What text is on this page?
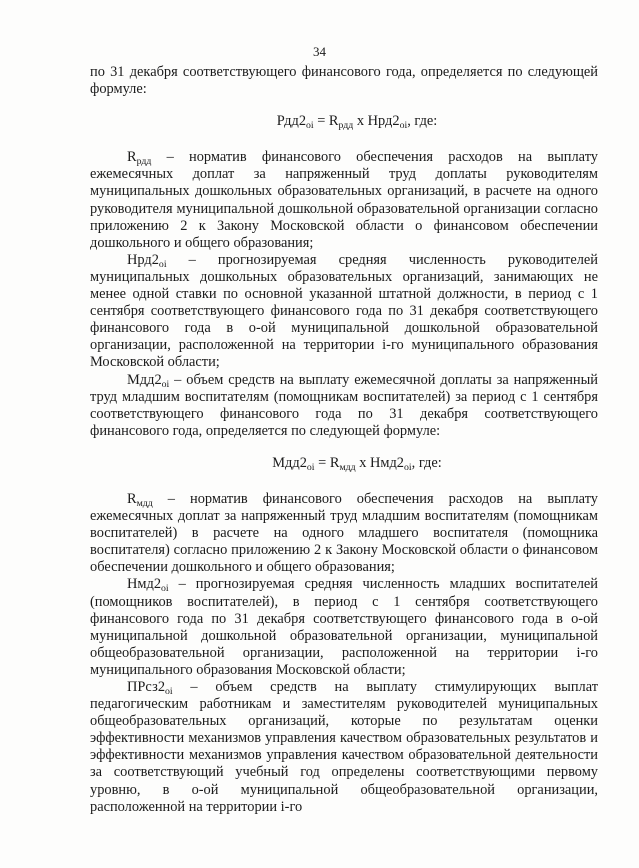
34

по 31 декабря соответствующего финансового года, определяется по следующей формуле:

$Рдд2_{oi} = R_{рдд}$ х $Нрд2_{oi}$, где:

$R_{рдд}$ – норматив финансового обеспечения расходов на выплату ежемесячных доплат за напряженный труд доплаты руководителям муниципальных дошкольных образовательных организаций, в расчете на одного руководителя муниципальной дошкольной образовательной организации согласно приложению 2 к Закону Московской области о финансовом обеспечении дошкольного и общего образования;

$Нрд2_{oi}$ – прогнозируемая средняя численность руководителей муниципальных дошкольных образовательных организаций, занимающих не менее одной ставки по основной указанной штатной должности, в период с 1 сентября соответствующего финансового года по 31 декабря соответствующего финансового года в о-ой муниципальной дошкольной образовательной организации, расположенной на территории i-го муниципального образования Московской области;

$Мдд2_{oi}$ – объем средств на выплату ежемесячной доплаты за напряженный труд младшим воспитателям (помощникам воспитателей) за период с 1 сентября соответствующего финансового года по 31 декабря соответствующего финансового года, определяется по следующей формуле:

$Мдд2_{oi} = R_{мдд}$ х $Нмд2_{oi}$, где:

$R_{мдд}$ – норматив финансового обеспечения расходов на выплату ежемесячных доплат за напряженный труд младшим воспитателям (помощникам воспитателей) в расчете на одного младшего воспитателя (помощника воспитателя) согласно приложению 2 к Закону Московской области о финансовом обеспечении дошкольного и общего образования;

$Нмд2_{oi}$ – прогнозируемая средняя численность младших воспитателей (помощников воспитателей), в период с 1 сентября соответствующего финансового года по 31 декабря соответствующего финансового года в о-ой муниципальной дошкольной образовательной организации, муниципальной общеобразовательной организации, расположенной на территории i-го муниципального образования Московской области;

$ПРсз2_{oi}$ – объем средств на выплату стимулирующих выплат педагогическим работникам и заместителям руководителей муниципальных общеобразовательных организаций, которые по результатам оценки эффективности механизмов управления качеством образовательных результатов и эффективности механизмов управления качеством образовательной деятельности за соответствующий учебный год определены соответствующими первому уровню, в о-ой муниципальной общеобразовательной организации, расположенной на территории i-го
